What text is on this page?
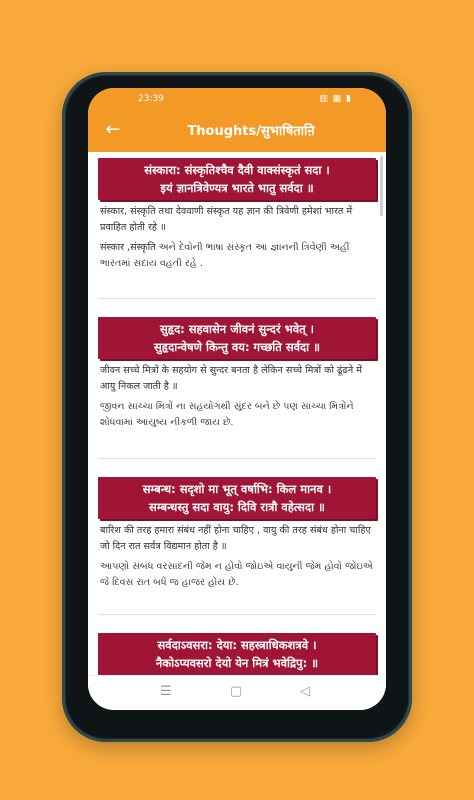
23:39	▥ ▦ ▮
←	Thoughts/सुभाषिताऩि
संस्कारा: संस्कृतिश्चैव दैवी वाक्संस्कृतं सदा ।
इयं ज्ञानत्रिवेण्यत्र भारते भातु सर्वदा ॥
संस्कार, संस्कृति तथा देववाणी संस्कृत यह ज्ञान की त्रिवेणी हमेशां भारत में प्रवाहित होती रहे ॥
संस्कार ,संस्कृति અને દેવોની ભાષા સંસ્કૃત આ જ્ઞાનની ત્રિવેણી અહીં ભારતમાં સદાય વહતી રહે .
सुहृद: सहवासेन जीवनं सुन्दरं भवेत् ।
सुहृदान्वेषणे किन्तु वय: गच्छति सर्वदा ॥
जीवन सच्चे मित्रों के सहयोग से सुन्दर बनता है लेकिन सच्चे मित्रों को ढूंढने में आयु निकल जाती है ॥
જીવન સાચ્ચા મિત્રોં ના સહયોગથી સુંદર બને છે પણ સાચ્ચા મિત્રોંને શોધવામાં આયુષ્ય નીકળી જાય છે.
सम्बन्ध: सदृशो मा भूत् वर्षाभि: किल मानव ।
सम्बन्धस्तु सदा वायु: दिवि रात्रौ वहेत्सदा ॥
बारिश की तरह हमारा संबंध नहीं होना चाहिए , वायु की तरह संबंध होना चाहिए जो दिन रात सर्वत्र विद्यमान होता है ॥
આપણો સંબંધ વરસાદની જેમ ન હોવો જોઇએ વાયુની જેમ હોવો જોઇએ જે દિવસ રાત બધે જ હાજર હોય છે.
सर्वदाऽवसरा: देया: सहस्त्राधिकशत्रवे ।
नैकोऽप्यवसरो देयो येन मित्रं भवेद्रिपु: ॥
☰	▢	◁
